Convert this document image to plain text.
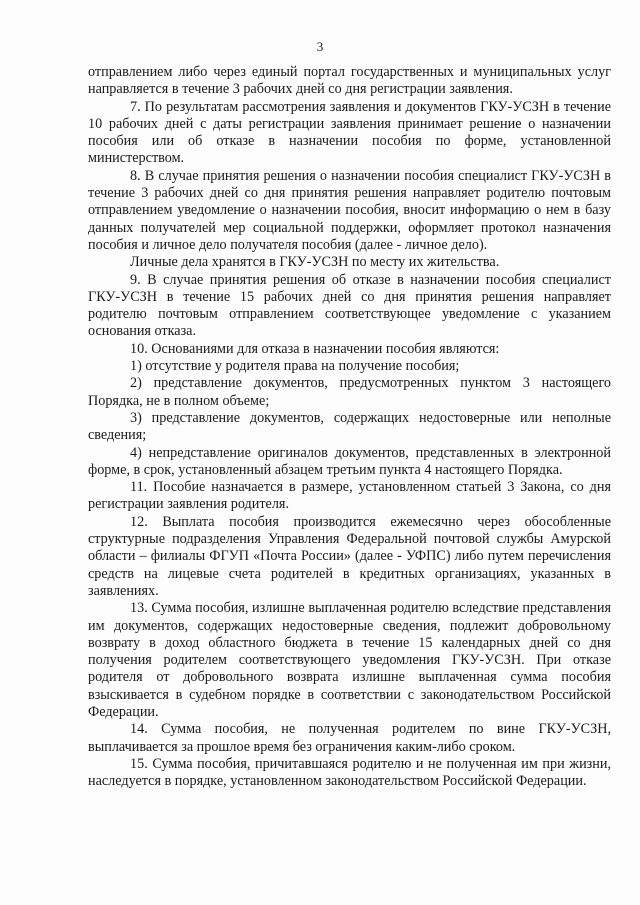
3

отправлением либо через единый портал государственных и муниципальных услуг направляется в течение 3 рабочих дней со дня регистрации заявления.

7. По результатам рассмотрения заявления и документов ГКУ-УСЗН в течение 10 рабочих дней с даты регистрации заявления принимает решение о назначении пособия или об отказе в назначении пособия по форме, установленной министерством.

8. В случае принятия решения о назначении пособия специалист ГКУ-УСЗН в течение 3 рабочих дней со дня принятия решения направляет родителю почтовым отправлением уведомление о назначении пособия, вносит информацию о нем в базу данных получателей мер социальной поддержки, оформляет протокол назначения пособия и личное дело получателя пособия (далее - личное дело).

Личные дела хранятся в ГКУ-УСЗН по месту их жительства.

9. В случае принятия решения об отказе в назначении пособия специалист ГКУ-УСЗН в течение 15 рабочих дней со дня принятия решения направляет родителю почтовым отправлением соответствующее уведомление с указанием основания отказа.

10. Основаниями для отказа в назначении пособия являются:

1) отсутствие у родителя права на получение пособия;

2) представление документов, предусмотренных пунктом 3 настоящего Порядка, не в полном объеме;

3) представление документов, содержащих недостоверные или неполные сведения;

4) непредставление оригиналов документов, представленных в электронной форме, в срок, установленный абзацем третьим пункта 4 настоящего Порядка.

11. Пособие назначается в размере, установленном статьей 3 Закона, со дня регистрации заявления родителя.

12. Выплата пособия производится ежемесячно через обособленные структурные подразделения Управления Федеральной почтовой службы Амурской области – филиалы ФГУП «Почта России» (далее - УФПС) либо путем перечисления средств на лицевые счета родителей в кредитных организациях, указанных в заявлениях.

13. Сумма пособия, излишне выплаченная родителю вследствие представления им документов, содержащих недостоверные сведения, подлежит добровольному возврату в доход областного бюджета в течение 15 календарных дней со дня получения родителем соответствующего уведомления ГКУ-УСЗН. При отказе родителя от добровольного возврата излишне выплаченная сумма пособия взыскивается в судебном порядке в соответствии с законодательством Российской Федерации.

14. Сумма пособия, не полученная родителем по вине ГКУ-УСЗН, выплачивается за прошлое время без ограничения каким-либо сроком.

15. Сумма пособия, причитавшаяся родителю и не полученная им при жизни, наследуется в порядке, установленном законодательством Российской Федерации.
